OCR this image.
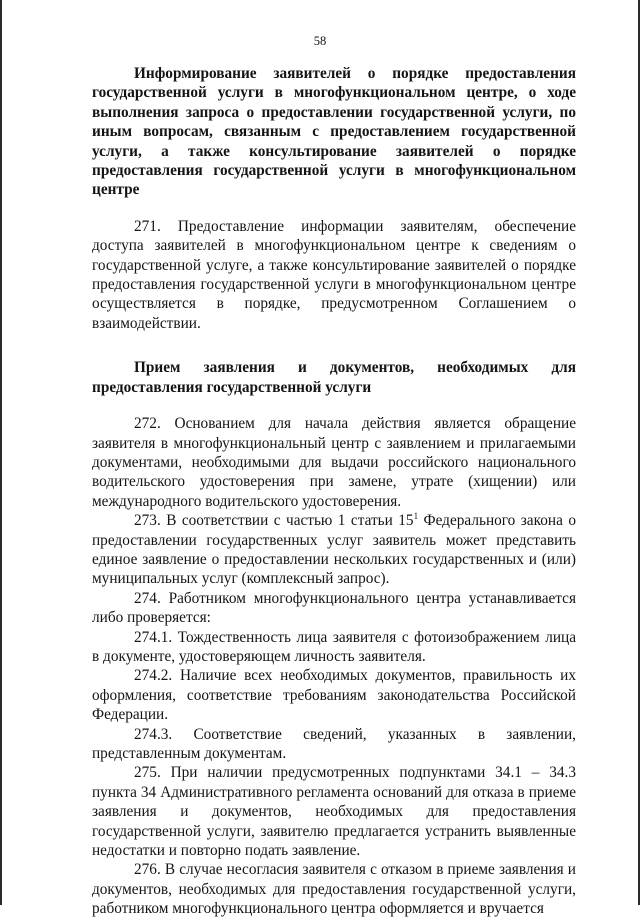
58
Информирование заявителей о порядке предоставления государственной услуги в многофункциональном центре, о ходе выполнения запроса о предоставлении государственной услуги, по иным вопросам, связанным с предоставлением государственной услуги, а также консультирование заявителей о порядке предоставления государственной услуги в многофункциональном центре

271. Предоставление информации заявителям, обеспечение доступа заявителей в многофункциональном центре к сведениям о государственной услуге, а также консультирование заявителей о порядке предоставления государственной услуги в многофункциональном центре осуществляется в порядке, предусмотренном Соглашением о взаимодействии.

Прием заявления и документов, необходимых для предоставления государственной услуги

272. Основанием для начала действия является обращение заявителя в многофункциональный центр с заявлением и прилагаемыми документами, необходимыми для выдачи российского национального водительского удостоверения при замене, утрате (хищении) или международного водительского удостоверения.

273. В соответствии с частью 1 статьи $15^1$ Федерального закона о предоставлении государственных услуг заявитель может представить единое заявление о предоставлении нескольких государственных и (или) муниципальных услуг (комплексный запрос).

274. Работником многофункционального центра устанавливается либо проверяется:

274.1. Тождественность лица заявителя с фотоизображением лица в документе, удостоверяющем личность заявителя.

274.2. Наличие всех необходимых документов, правильность их оформления, соответствие требованиям законодательства Российской Федерации.

274.3. Соответствие сведений, указанных в заявлении, представленным документам.

275. При наличии предусмотренных подпунктами 34.1 – 34.3 пункта 34 Административного регламента оснований для отказа в приеме заявления и документов, необходимых для предоставления государственной услуги, заявителю предлагается устранить выявленные недостатки и повторно подать заявление.

276. В случае несогласия заявителя с отказом в приеме заявления и документов, необходимых для предоставления государственной услуги, работником многофункционального центра оформляется и вручается
